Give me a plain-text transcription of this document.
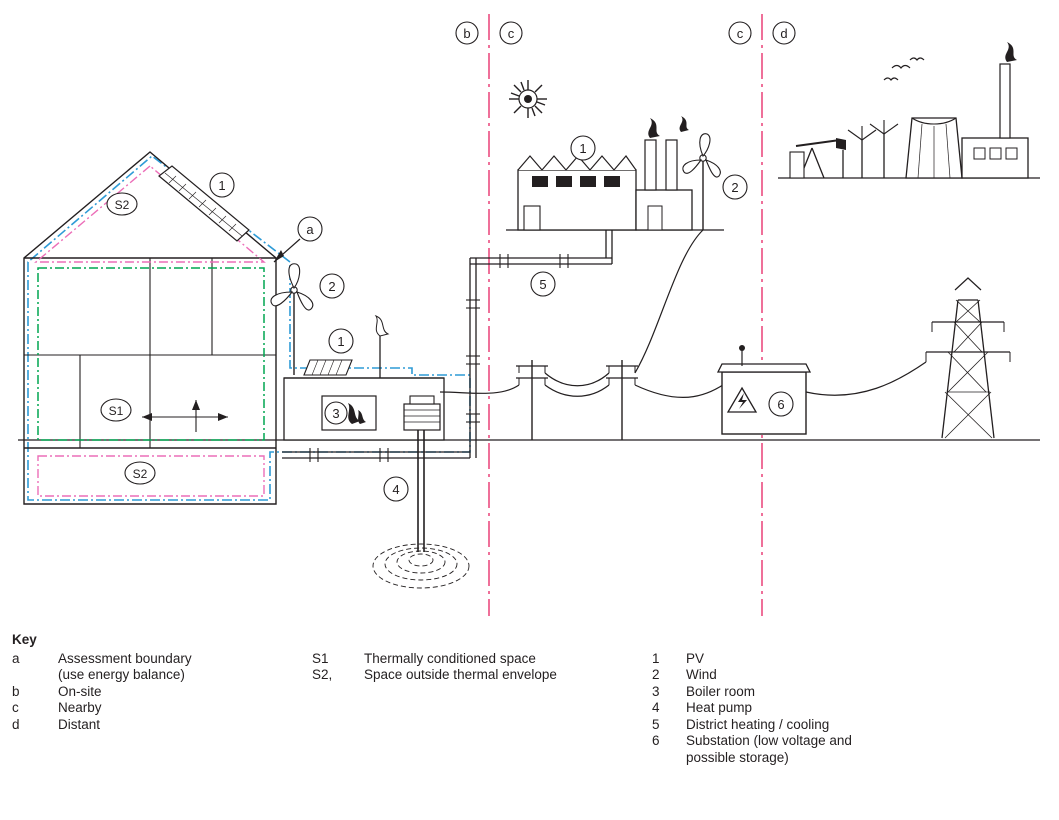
b	c	c	d
S2
S1
S2
1
a
2
3
1
4
5
1
2
6
Key
a	Assessment boundary
(use energy balance)
b	On-site
c	Nearby
d	Distant
S1	Thermally conditioned space
S2,	Space outside thermal envelope
1	PV
2	Wind
3	Boiler room
4	Heat pump
5	District heating / cooling
6	Substation (low voltage and
possible storage)
